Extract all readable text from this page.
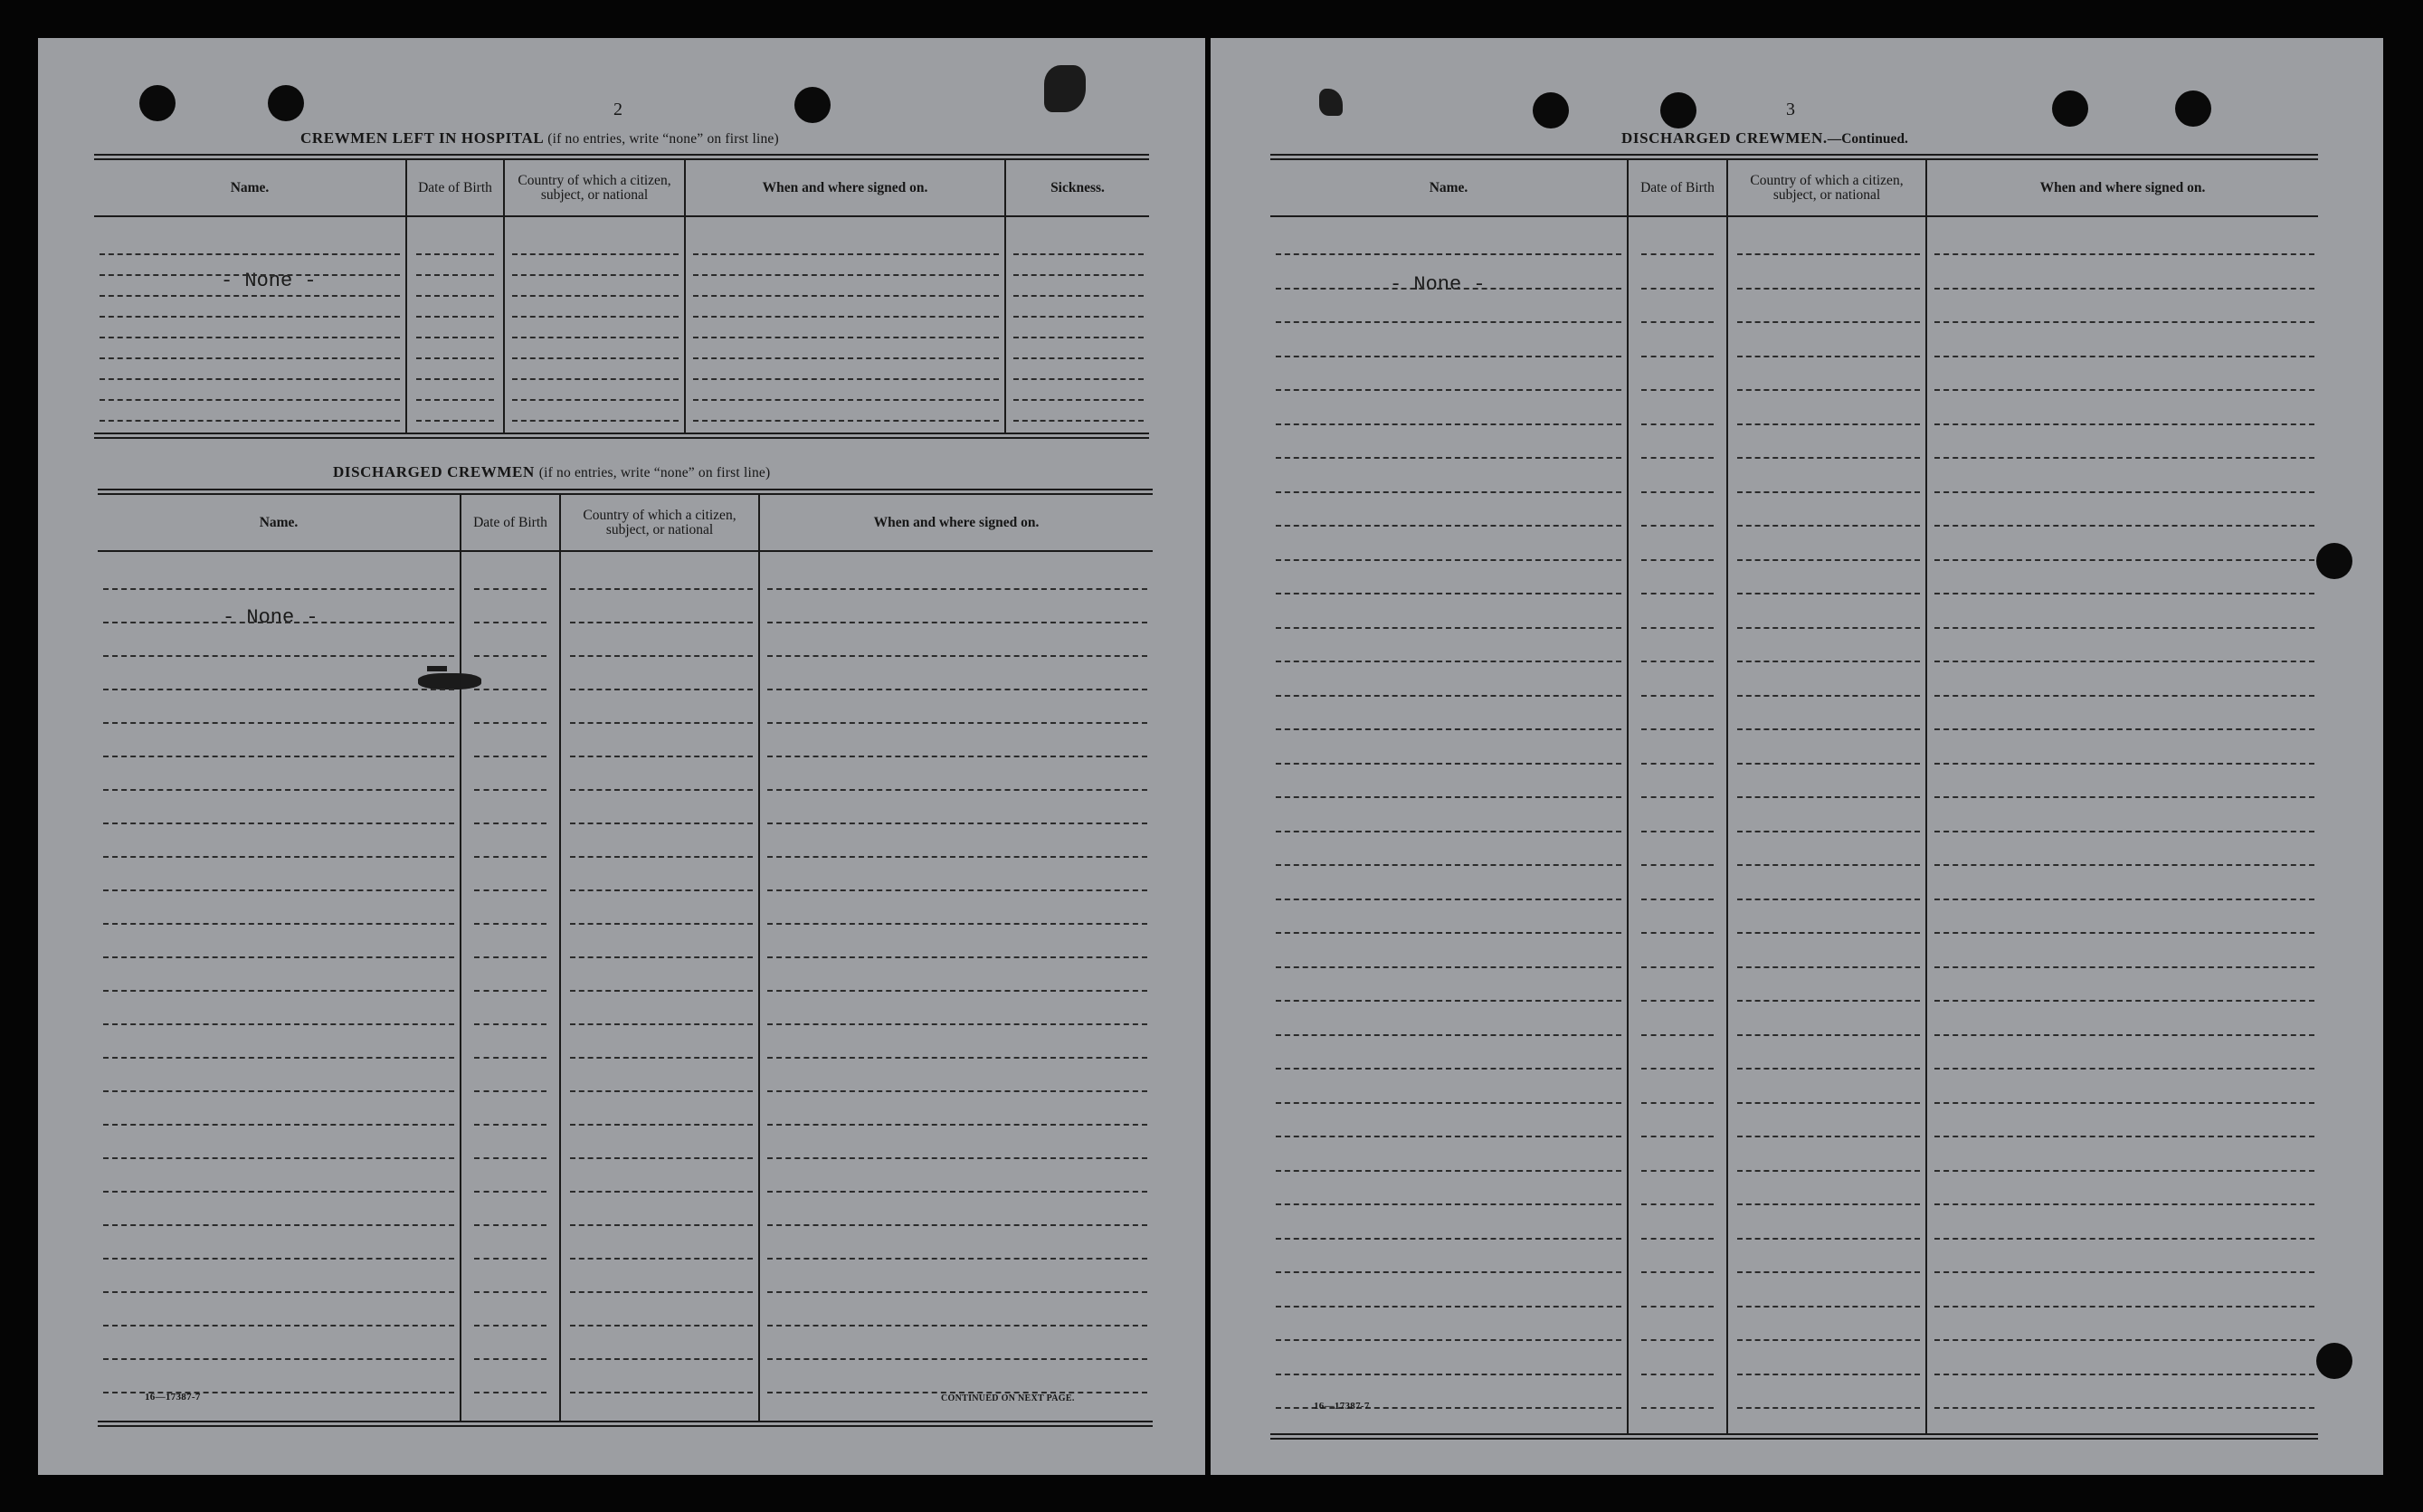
2
CREWMEN LEFT IN HOSPITAL (if no entries, write “none” on first line)
Name.	Date of Birth	Country of which a citizen, subject, or national	When and where signed on.	Sickness.
- None -
DISCHARGED CREWMEN (if no entries, write “none” on first line)
Name.	Date of Birth	Country of which a citizen, subject, or national	When and where signed on.
- None -
16—17387-7	CONTINUED ON NEXT PAGE.
3
DISCHARGED CREWMEN.—Continued.
Name.	Date of Birth	Country of which a citizen, subject, or national	When and where signed on.
- None -
16—17387-7
